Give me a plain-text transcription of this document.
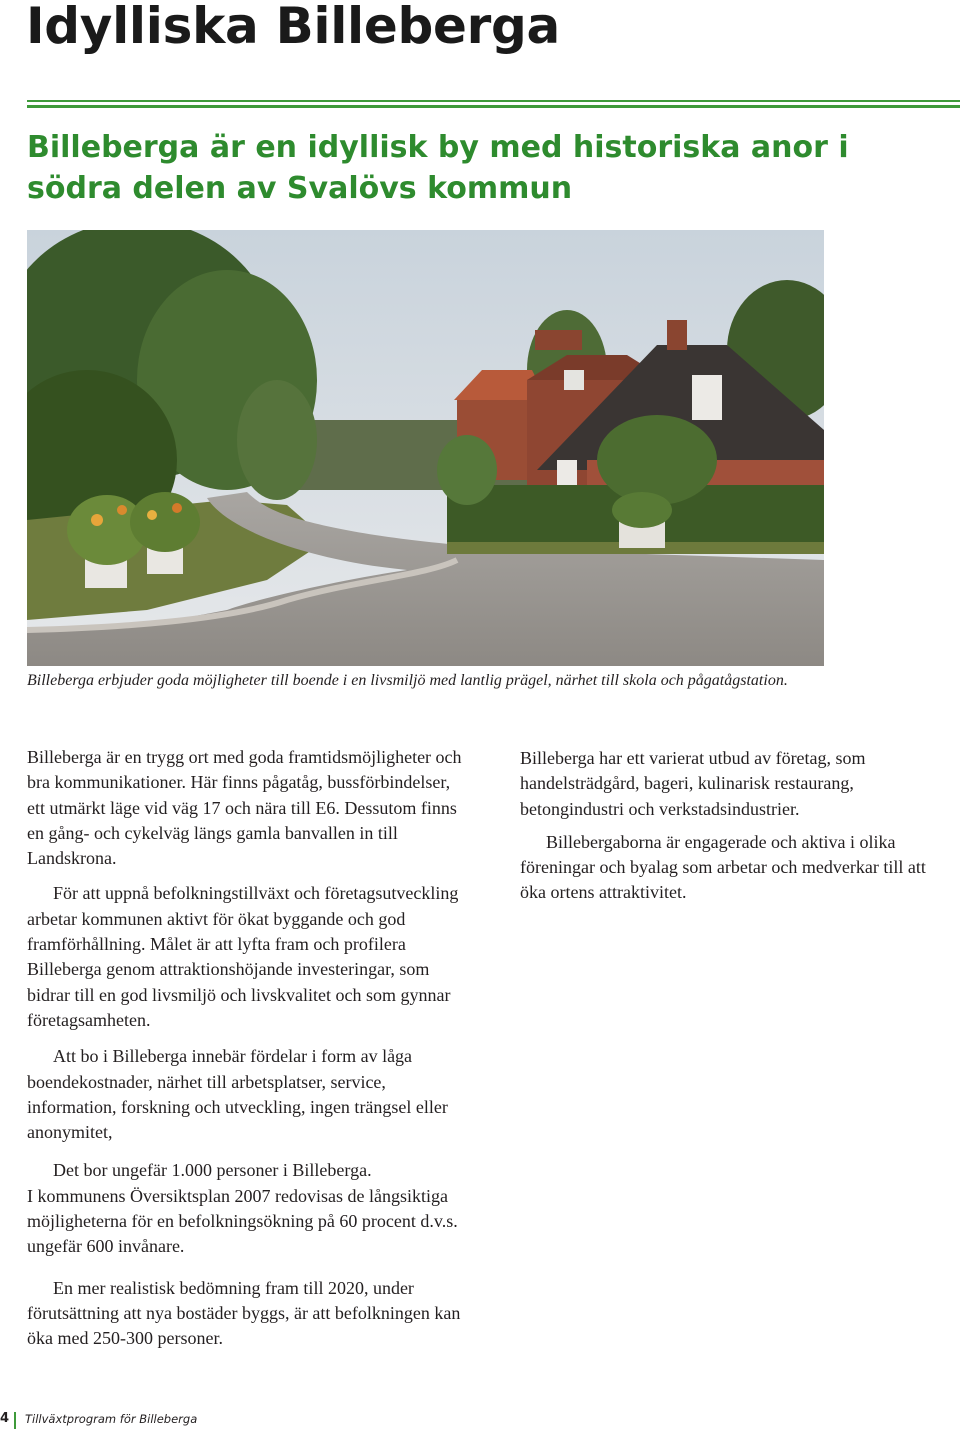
Idylliska Billeberga
Billeberga är en idyllisk by med historiska anor i södra delen av Svalövs kommun

Billeberga erbjuder goda möjligheter till boende i en livsmiljö med lantlig prägel, närhet till skola och pågatågstation.

Billeberga är en trygg ort med goda framtidsmöjligheter och bra kommunikationer. Här finns pågatåg, bussförbindelser, ett utmärkt läge vid väg 17 och nära till E6. Dessutom finns en gång- och cykelväg längs gamla banvallen in till Landskrona.

För att uppnå befolkningstillväxt och företagsutveckling arbetar kommunen aktivt för ökat byggande och god framförhållning. Målet är att lyfta fram och profilera Billeberga genom attraktionshöjande investeringar, som bidrar till en god livsmiljö och livskvalitet och som gynnar företagsamheten.

Att bo i Billeberga innebär fördelar i form av låga boendekostnader, närhet till arbetsplatser, service, information, forskning och utveckling, ingen trängsel eller anonymitet,

Det bor ungefär 1.000 personer i Billeberga.

I kommunens Översiktsplan 2007 redovisas de långsiktiga möjligheterna för en befolkningsökning på 60 procent d.v.s. ungefär 600 invånare.

En mer realistisk bedömning fram till 2020, under förutsättning att nya bostäder byggs, är att befolkningen kan öka med 250-300 personer.

Billeberga har ett varierat utbud av företag, som handelsträdgård, bageri, kulinarisk restaurang, betongindustri och verkstadsindustrier.

Billebergaborna är engagerade och aktiva i olika föreningar och byalag som arbetar och medverkar till att öka ortens attraktivitet.

4 Tillväxtprogram för Billeberga
